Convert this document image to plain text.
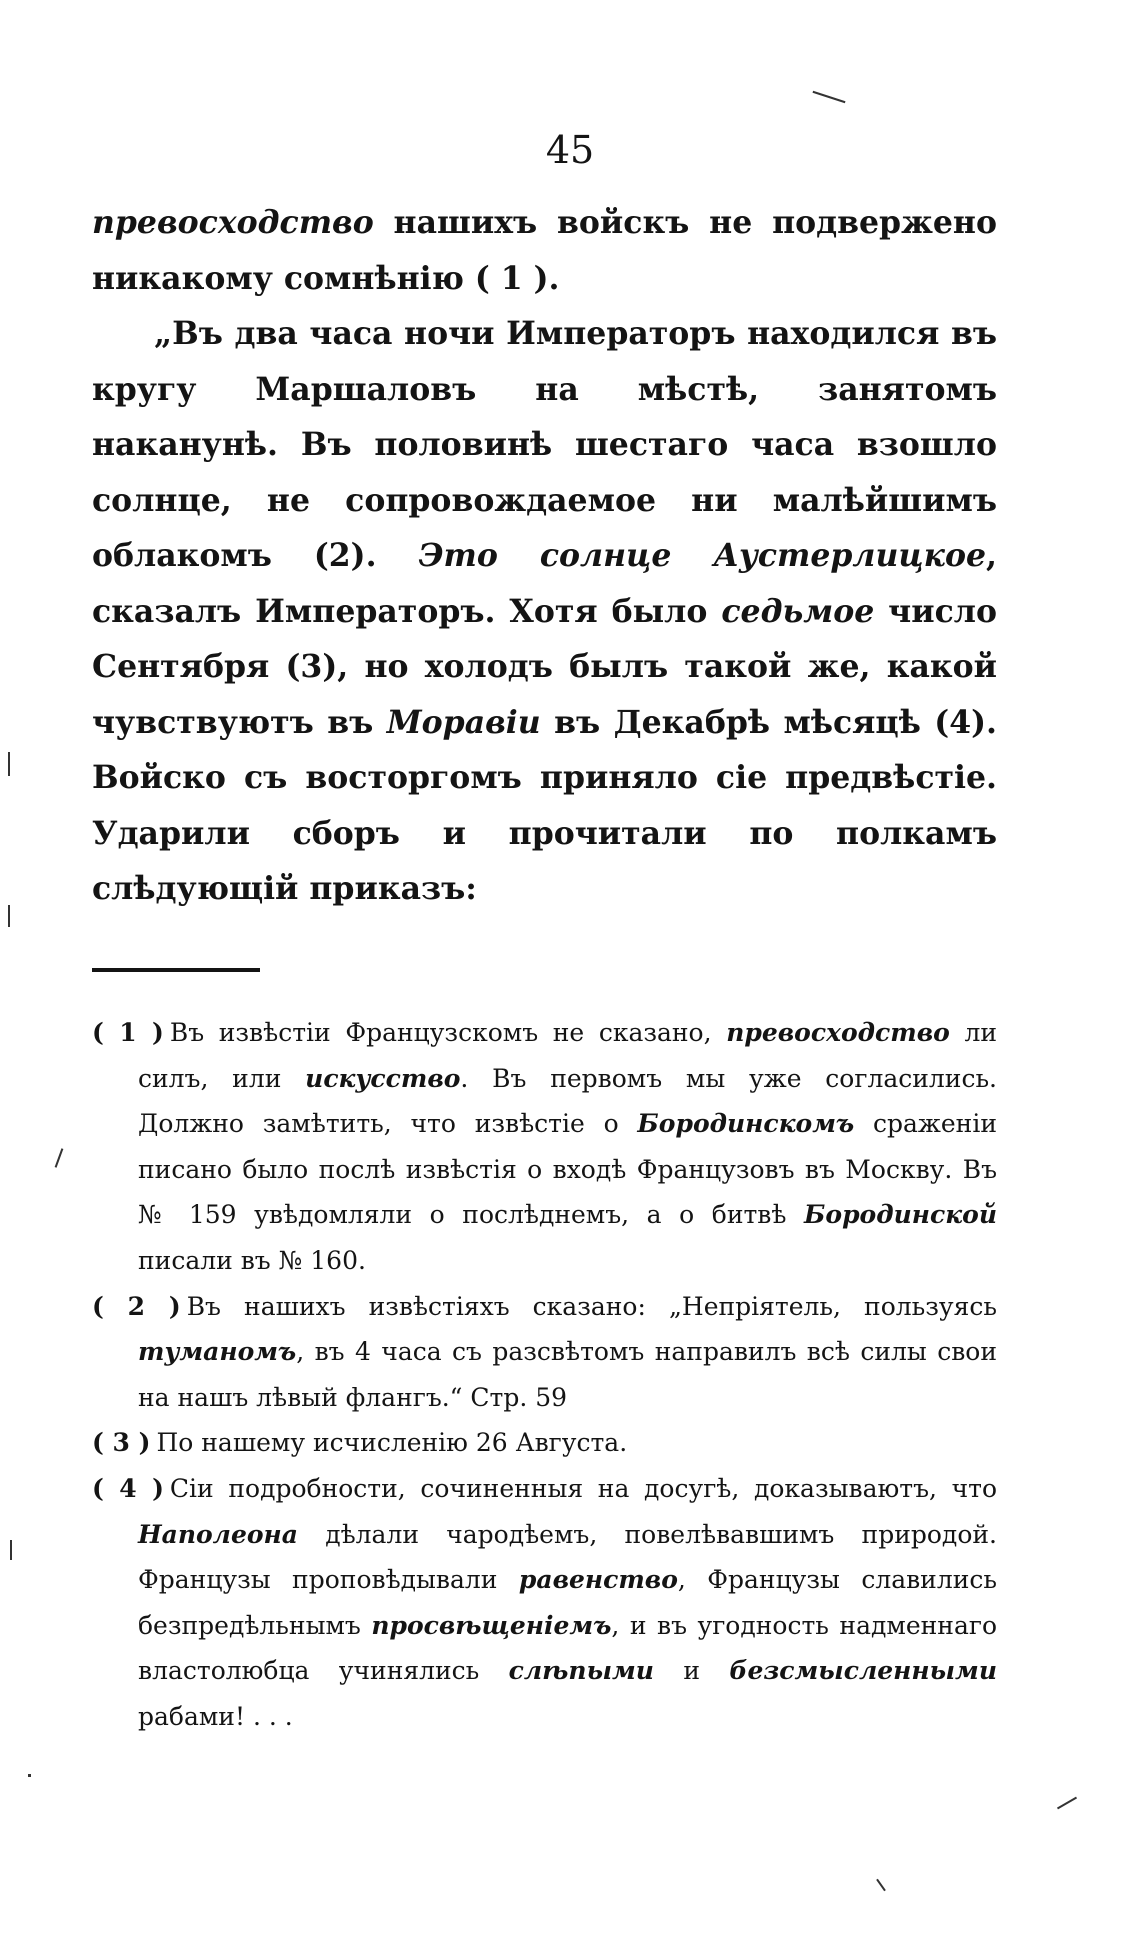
45

превосходство нашихъ войскъ не подвержено никакому сомнѣнію ( 1 ).

„Въ два часа ночи Императоръ находился въ кругу Маршаловъ на мѣстѣ, занятомъ наканунѣ. Въ половинѣ шестаго часа взошло солнце, не сопровождаемое ни малѣйшимъ облакомъ (2). Это солнце Аустерлицкое, сказалъ Императоръ. Хотя было седьмое число Сентября (3), но холодъ былъ такой же, какой чувствуютъ въ Моравіи въ Декабрѣ мѣсяцѣ (4). Войско съ восторгомъ приняло сіе предвѣстіе. Ударили сборъ и прочитали по полкамъ слѣдующій приказъ:

( 1 ) Въ извѣстіи Французскомъ не сказано, превосходство ли силъ, или искусство. Въ первомъ мы уже согласились. Должно замѣтить, что извѣстіе о Бородинскомъ сраженіи писано было послѣ извѣстія о входѣ Французовъ въ Москву. Въ № 159 увѣдомляли о послѣднемъ, а о битвѣ Бородинской писали въ № 160.

( 2 ) Въ нашихъ извѣстіяхъ сказано: „Непріятель, пользуясь туманомъ, въ 4 часа съ разсвѣтомъ направилъ всѣ силы свои на нашъ лѣвый флангъ.“ Стр. 59

( 3 ) По нашему исчисленію 26 Августа.

( 4 ) Сіи подробности, сочиненныя на досугѣ, доказываютъ, что Наполеона дѣлали чародѣемъ, повелѣвавшимъ природой. Французы проповѣдывали равенство, Французы славились безпредѣльнымъ просвѣщеніемъ, и въ угодность надменнаго властолюбца учинялись слѣпыми и безсмысленными рабами! . . .
